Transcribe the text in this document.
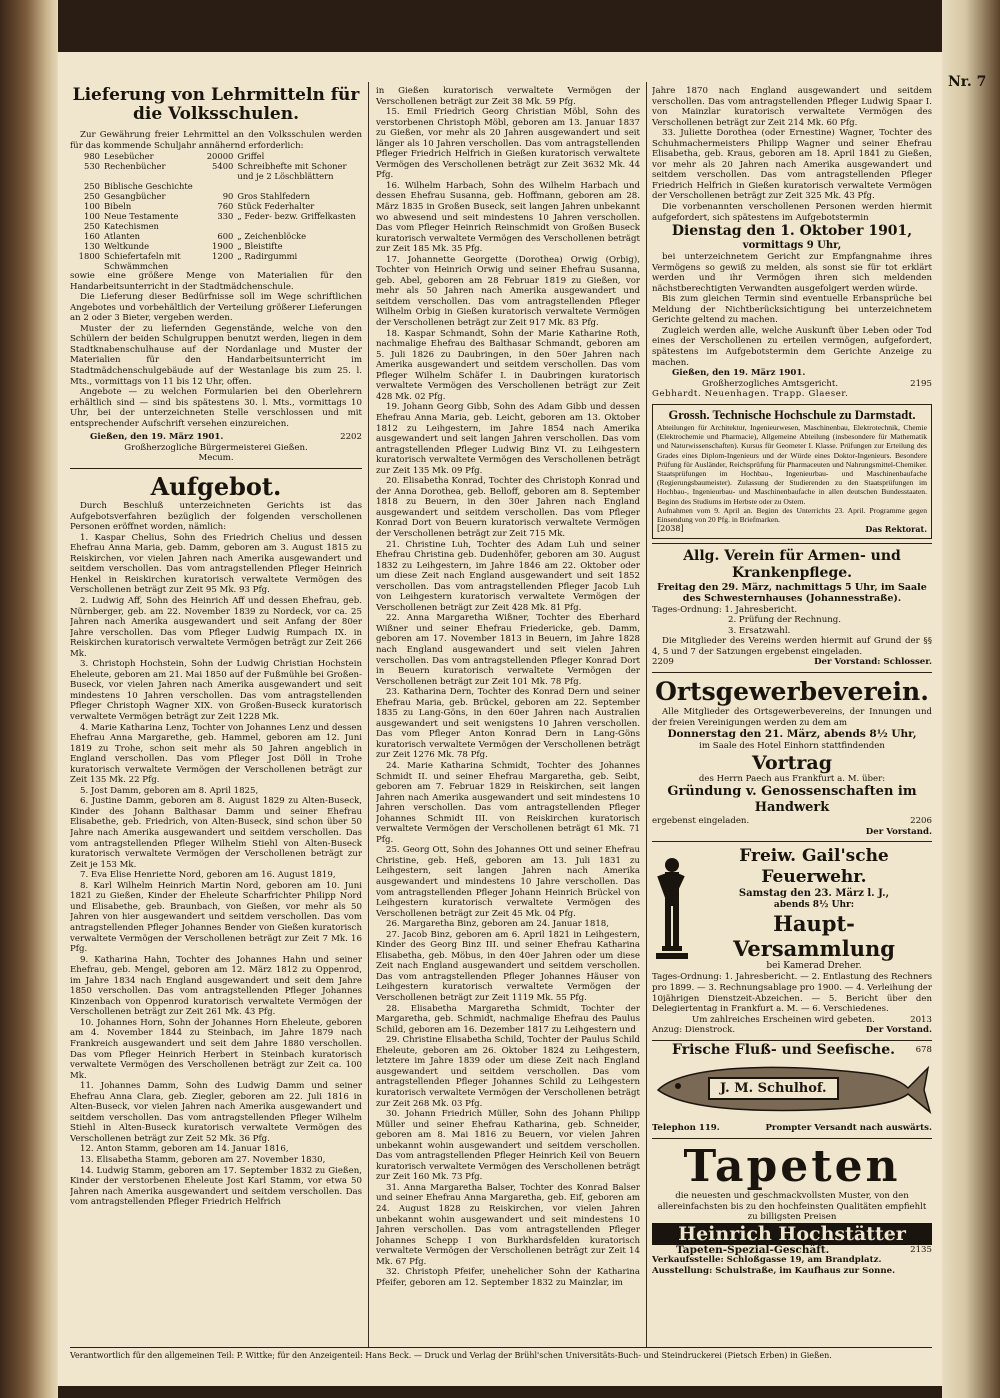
Lieferung von Lehrmitteln für die Volksschulen.

Zur Gewährung freier Lehrmittel an den Volksschulen werden für das kommende Schuljahr annähernd erforderlich:

980	Lesebücher	20000	Griffel
530	Rechenbücher	5400	Schreibhefte mit Schoner und je 2 Löschblättern
250	Biblische Geschichte		
250	Gesangbücher	90	Gros Stahlfedern
100	Bibeln	760	Stück Federhalter
100	Neue Testamente	330	„ Feder- bezw. Griffelkasten
250	Katechismen		
160	Atlanten	600	„ Zeichenblöcke
130	Weltkunde	1900	„ Bleistifte
1800	Schiefertafeln mit Schwämmchen	1200	„ Radirgummi

sowie eine größere Menge von Materialien für den Handarbeitsunterricht in der Stadtmädchenschule.

Die Lieferung dieser Bedürfnisse soll im Wege schriftlichen Angebotes und vorbehältlich der Verteilung größerer Lieferungen an 2 oder 3 Bieter, vergeben werden.

Muster der zu liefernden Gegenstände, welche von den Schülern der beiden Schulgruppen benutzt werden, liegen in dem Stadtknabenschulhause auf der Nordanlage und Muster der Materialien für den Handarbeitsunterricht im Stadtmädchenschulgebäude auf der Westanlage bis zum 25. l. Mts., vormittags von 11 bis 12 Uhr, offen.

Angebote — zu welchen Formularien bei den Oberlehrern erhältlich sind — sind bis spätestens 30. l. Mts., vormittags 10 Uhr, bei der unterzeichneten Stelle verschlossen und mit entsprechender Aufschrift versehen einzureichen.

Gießen, den 19. März 1901.	2202
Großherzogliche Bürgermeisterei Gießen.
Mecum.
Aufgebot.

Durch Beschluß unterzeichneten Gerichts ist das Aufgebotsverfahren bezüglich der folgenden verschollenen Personen eröffnet worden, nämlich:

1. Kaspar Chelius, Sohn des Friedrich Chelius und dessen Ehefrau Anna Maria, geb. Damm, geboren am 3. August 1815 zu Reiskirchen, vor vielen Jahren nach Amerika ausgewandert und seitdem verschollen. Das vom antragstellenden Pfleger Heinrich Henkel in Reiskirchen kuratorisch verwaltete Vermögen des Verschollenen beträgt zur Zeit 95 Mk. 93 Pfg.

2. Ludwig Aff, Sohn des Heinrich Aff und dessen Ehefrau, geb. Nürnberger, geb. am 22. November 1839 zu Nordeck, vor ca. 25 Jahren nach Amerika ausgewandert und seit Anfang der 80er Jahre verschollen. Das vom Pfleger Ludwig Rumpach IX. in Reiskirchen kuratorisch verwaltete Vermögen beträgt zur Zeit 266 Mk.

3. Christoph Hochstein, Sohn der Ludwig Christian Hochstein Eheleute, geboren am 21. Mai 1850 auf der Fußmühle bei Großen-Buseck, vor vielen Jahren nach Amerika ausgewandert und seit mindestens 10 Jahren verschollen. Das vom antragstellenden Pfleger Christoph Wagner XIX. von Großen-Buseck kuratorisch verwaltete Vermögen beträgt zur Zeit 1228 Mk.

4. Marie Katharina Lenz, Tochter von Johannes Lenz und dessen Ehefrau Anna Margarethe, geb. Hammel, geboren am 12. Juni 1819 zu Trohe, schon seit mehr als 50 Jahren angeblich in England verschollen. Das vom Pfleger Jost Döll in Trohe kuratorisch verwaltete Vermögen der Verschollenen beträgt zur Zeit 135 Mk. 22 Pfg.

5. Jost Damm, geboren am 8. April 1825,

6. Justine Damm, geboren am 8. August 1829 zu Alten-Buseck, Kinder des Johann Balthasar Damm und seiner Ehefrau Elisabethe, geb. Friedrich, von Alten-Buseck, sind schon über 50 Jahre nach Amerika ausgewandert und seitdem verschollen. Das vom antragstellenden Pfleger Wilhelm Stiehl von Alten-Buseck kuratorisch verwaltete Vermögen der Verschollenen beträgt zur Zeit je 153 Mk.

7. Eva Elise Henriette Nord, geboren am 16. August 1819,

8. Karl Wilhelm Heinrich Martin Nord, geboren am 10. Juni 1821 zu Gießen, Kinder der Eheleute Scharfrichter Philipp Nord und Elisabethe, geb. Braunbach, von Gießen, vor mehr als 50 Jahren von hier ausgewandert und seitdem verschollen. Das vom antragstellenden Pfleger Johannes Bender von Gießen kuratorisch verwaltete Vermögen der Verschollenen beträgt zur Zeit 7 Mk. 16 Pfg.

9. Katharina Hahn, Tochter des Johannes Hahn und seiner Ehefrau, geb. Mengel, geboren am 12. März 1812 zu Oppenrod, im Jahre 1834 nach England ausgewandert und seit dem Jahre 1850 verschollen. Das vom antragstellenden Pfleger Johannes Kinzenbach von Oppenrod kuratorisch verwaltete Vermögen der Verschollenen beträgt zur Zeit 261 Mk. 43 Pfg.

10. Johannes Horn, Sohn der Johannes Horn Eheleute, geboren am 4. November 1844 zu Steinbach, im Jahre 1879 nach Frankreich ausgewandert und seit dem Jahre 1880 verschollen. Das vom Pfleger Heinrich Herbert in Steinbach kuratorisch verwaltete Vermögen des Verschollenen beträgt zur Zeit ca. 100 Mk.

11. Johannes Damm, Sohn des Ludwig Damm und seiner Ehefrau Anna Clara, geb. Ziegler, geboren am 22. Juli 1816 in Alten-Buseck, vor vielen Jahren nach Amerika ausgewandert und seitdem verschollen. Das vom antragstellenden Pfleger Wilhelm Stiehl in Alten-Buseck kuratorisch verwaltete Vermögen des Verschollenen beträgt zur Zeit 52 Mk. 36 Pfg.

12. Anton Stamm, geboren am 14. Januar 1816,

13. Elisabetha Stamm, geboren am 27. November 1830,

14. Ludwig Stamm, geboren am 17. September 1832 zu Gießen, Kinder der verstorbenen Eheleute Jost Karl Stamm, vor etwa 50 Jahren nach Amerika ausgewandert und seitdem verschollen. Das vom antragstellenden Pfleger Friedrich Helfrich

in Gießen kuratorisch verwaltete Vermögen der Verschollenen beträgt zur Zeit 38 Mk. 59 Pfg.

15. Emil Friedrich Georg Christian Möbl, Sohn des verstorbenen Christoph Möbl, geboren am 13. Januar 1837 zu Gießen, vor mehr als 20 Jahren ausgewandert und seit länger als 10 Jahren verschollen. Das vom antragstellenden Pfleger Friedrich Helfrich in Gießen kuratorisch verwaltete Vermögen des Verschollenen beträgt zur Zeit 3632 Mk. 44 Pfg.

16. Wilhelm Harbach, Sohn des Wilhelm Harbach und dessen Ehefrau Susanna, geb. Hoffmann, geboren am 28. März 1835 in Großen Buseck, seit langen Jahren unbekannt wo abwesend und seit mindestens 10 Jahren verschollen. Das vom Pfleger Heinrich Reinschmidt von Großen Buseck kuratorisch verwaltete Vermögen des Verschollenen beträgt zur Zeit 185 Mk. 35 Pfg.

17. Johannette Georgette (Dorothea) Orwig (Orbig), Tochter von Heinrich Orwig und seiner Ehefrau Susanna, geb. Abel, geboren am 28 Februar 1819 zu Gießen, vor mehr als 50 Jahren nach Amerika ausgewandert und seitdem verschollen. Das vom antragstellenden Pfleger Wilhelm Orbig in Gießen kuratorisch verwaltete Vermögen der Verschollenen beträgt zur Zeit 917 Mk. 83 Pfg.

18. Kaspar Schmandt, Sohn der Marie Katharine Roth, nachmalige Ehefrau des Balthasar Schmandt, geboren am 5. Juli 1826 zu Daubringen, in den 50er Jahren nach Amerika ausgewandert und seitdem verschollen. Das vom Pfleger Wilhelm Schäfer I. in Daubringen kuratorisch verwaltete Vermögen des Verschollenen beträgt zur Zeit 428 Mk. 02 Pfg.

19. Johann Georg Gibb, Sohn des Adam Gibb und dessen Ehefrau Anna Maria, geb. Leicht, geboren am 13. Oktober 1812 zu Leihgestern, im Jahre 1854 nach Amerika ausgewandert und seit langen Jahren verschollen. Das vom antragstellenden Pfleger Ludwig Binz VI. zu Leihgestern kuratorisch verwaltete Vermögen des Verschollenen beträgt zur Zeit 135 Mk. 09 Pfg.

20. Elisabetha Konrad, Tochter des Christoph Konrad und der Anna Dorothea, geb. Belloff, geboren am 8. September 1818 zu Beuern, in den 30er Jahren nach England ausgewandert und seitdem verschollen. Das vom Pfleger Konrad Dort von Beuern kuratorisch verwaltete Vermögen der Verschollenen beträgt zur Zeit 715 Mk.

21. Christine Luh, Tochter des Adam Luh und seiner Ehefrau Christina geb. Dudenhöfer, geboren am 30. August 1832 zu Leihgestern, im Jahre 1846 am 22. Oktober oder um diese Zeit nach England ausgewandert und seit 1852 verschollen. Das vom antragstellenden Pfleger Jacob Luh von Leihgestern kuratorisch verwaltete Vermögen der Verschollenen beträgt zur Zeit 428 Mk. 81 Pfg.

22. Anna Margaretha Wißner, Tochter des Eberhard Wißner und seiner Ehefrau Friedericke, geb. Damm, geboren am 17. November 1813 in Beuern, im Jahre 1828 nach England ausgewandert und seit vielen Jahren verschollen. Das vom antragstellenden Pfleger Konrad Dort in Beuern kuratorisch verwaltete Vermögen der Verschollenen beträgt zur Zeit 101 Mk. 78 Pfg.

23. Katharina Dern, Tochter des Konrad Dern und seiner Ehefrau Maria, geb. Brückel, geboren am 22. September 1835 zu Lang-Göns, in den 60er Jahren nach Australien ausgewandert und seit wenigstens 10 Jahren verschollen. Das vom Pfleger Anton Konrad Dern in Lang-Göns kuratorisch verwaltete Vermögen der Verschollenen beträgt zur Zeit 1276 Mk. 78 Pfg.

24. Marie Katharina Schmidt, Tochter des Johannes Schmidt II. und seiner Ehefrau Margaretha, geb. Seibt, geboren am 7. Februar 1829 in Reiskirchen, seit langen Jahren nach Amerika ausgewandert und seit mindestens 10 Jahren verschollen. Das vom antragstellenden Pfleger Johannes Schmidt III. von Reiskirchen kuratorisch verwaltete Vermögen der Verschollenen beträgt 61 Mk. 71 Pfg.

25. Georg Ott, Sohn des Johannes Ott und seiner Ehefrau Christine, geb. Heß, geboren am 13. Juli 1831 zu Leihgestern, seit langen Jahren nach Amerika ausgewandert und mindestens 10 Jahre verschollen. Das vom antragstellenden Pfleger Johann Heinrich Brückel von Leihgestern kuratorisch verwaltete Vermögen des Verschollenen beträgt zur Zeit 45 Mk. 04 Pfg.

26. Margaretha Binz, geboren am 24. Januar 1818,

27. Jacob Binz, geboren am 6. April 1821 in Leihgestern, Kinder des Georg Binz III. und seiner Ehefrau Katharina Elisabetha, geb. Möbus, in den 40er Jahren oder um diese Zeit nach England ausgewandert und seitdem verschollen. Das vom antragstellenden Pfleger Johannes Häuser von Leihgestern kuratorisch verwaltete Vermögen der Verschollenen beträgt zur Zeit 1119 Mk. 55 Pfg.

28. Elisabetha Margaretha Schmidt, Tochter der Margaretha, geb. Schmidt, nachmalige Ehefrau des Paulus Schild, geboren am 16. Dezember 1817 zu Leihgestern und

29. Christine Elisabetha Schild, Tochter der Paulus Schild Eheleute, geboren am 26. Oktober 1824 zu Leihgestern, letztere im Jahre 1839 oder um diese Zeit nach England ausgewandert und seitdem verschollen. Das vom antragstellenden Pfleger Johannes Schild zu Leihgestern kuratorisch verwaltete Vermögen der Verschollenen beträgt zur Zeit 268 Mk. 03 Pfg.

30. Johann Friedrich Müller, Sohn des Johann Philipp Müller und seiner Ehefrau Katharina, geb. Schneider, geboren am 8. Mai 1816 zu Beuern, vor vielen Jahren unbekannt wohin ausgewandert und seitdem verschollen. Das vom antragstellenden Pfleger Heinrich Keil von Beuern kuratorisch verwaltete Vermögen des Verschollenen beträgt zur Zeit 160 Mk. 73 Pfg.

31. Anna Margaretha Balser, Tochter des Konrad Balser und seiner Ehefrau Anna Margaretha, geb. Eif, geboren am 24. August 1828 zu Reiskirchen, vor vielen Jahren unbekannt wohin ausgewandert und seit mindestens 10 Jahren verschollen. Das vom antragstellenden Pfleger Johannes Schepp I von Burkhardsfelden kuratorisch verwaltete Vermögen der Verschollenen beträgt zur Zeit 14 Mk. 67 Pfg.

32. Christoph Pfeifer, unehelicher Sohn der Katharina Pfeifer, geboren am 12. September 1832 zu Mainzlar, im

Jahre 1870 nach England ausgewandert und seitdem verschollen. Das vom antragstellenden Pfleger Ludwig Spaar I. von Mainzlar kuratorisch verwaltete Vermögen des Verschollenen beträgt zur Zeit 214 Mk. 60 Pfg.

33. Juliette Dorothea (oder Ernestine) Wagner, Tochter des Schuhmachermeisters Philipp Wagner und seiner Ehefrau Elisabetha, geb. Kraus, geboren am 18. April 1841 zu Gießen, vor mehr als 20 Jahren nach Amerika ausgewandert und seitdem verschollen. Das vom antragstellenden Pfleger Friedrich Helfrich in Gießen kuratorisch verwaltete Vermögen der Verschollenen beträgt zur Zeit 325 Mk. 43 Pfg.

Die vorbenannten verschollenen Personen werden hiermit aufgefordert, sich spätestens im Aufgebotstermin

Dienstag den 1. Oktober 1901,
vormittags 9 Uhr,

bei unterzeichnetem Gericht zur Empfangnahme ihres Vermögens so gewiß zu melden, als sonst sie für tot erklärt werden und ihr Vermögen ihren sich meldenden nächstberechtigten Verwandten ausgefolgert werden würde.

Bis zum gleichen Termin sind eventuelle Erbansprüche bei Meldung der Nichtberücksichtigung bei unterzeichnetem Gerichte geltend zu machen.

Zugleich werden alle, welche Auskunft über Leben oder Tod eines der Verschollenen zu erteilen vermögen, aufgefordert, spätestens im Aufgebotstermin dem Gerichte Anzeige zu machen.

Gießen, den 19. März 1901.
Großherzogliches Amtsgericht.	2195
Gebhardt. Neuenhagen. Trapp. Glaeser.
Grossh. Technische Hochschule zu Darmstadt.

Abteilungen für Architektur, Ingenieurwesen, Maschinenbau, Elektrotechnik, Chemie (Elektrochemie und Pharmacie), Allgemeine Abteilung (insbesondere für Mathematik und Naturwissenschaften). Kursus für Geometer I. Klasse. Prüfungen zur Erteilung des Grades eines Diplom-Ingenieurs und der Würde eines Doktor-Ingenieurs. Besondere Prüfung für Ausländer, Reichsprüfung für Pharmaceuten und Nahrungsmittel-Chemiker. Staatsprüfungen im Hochbau-, Ingenieurbau- und Maschinenbaufache (Regierungsbaumeister). Zulassung der Studierenden zu den Staatsprüfungen im Hochbau-, Ingenieurbau- und Maschinenbaufache in allen deutschen Bundesstaaten. Beginn des Studiums im Herbste oder zu Ostern.

Aufnahmen vom 9. April an. Beginn des Unterrichts 23. April. Programme gegen Einsendung von 20 Pfg. in Briefmarken.

[2038]	Das Rektorat.
Allg. Verein für Armen- und Krankenpflege.
Freitag den 29. März, nachmittags 5 Uhr, im Saale des Schwesternhauses (Johannesstraße).

Tages-Ordnung: 1. Jahresbericht.

2. Prüfung der Rechnung.

3. Ersatzwahl.

Die Mitglieder des Vereins werden hiermit auf Grund der §§ 4, 5 und 7 der Satzungen ergebenst eingeladen.

2209	Der Vorstand: Schlosser.
Ortsgewerbeverein.

Alle Mitglieder des Ortsgewerbevereins, der Innungen und der freien Vereinigungen werden zu dem am

Donnerstag den 21. März, abends 8½ Uhr,

im Saale des Hotel Einhorn stattfindenden

Vortrag

des Herrn Paech aus Frankfurt a. M. über:

Gründung v. Genossenschaften im Handwerk
ergebenst eingeladen.	2206
Der Vorstand.
Freiw. Gail'sche Feuerwehr.
Samstag den 23. März l. J.,
abends 8½ Uhr:
Haupt-Versammlung
bei Kamerad Dreher.

Tages-Ordnung: 1. Jahresbericht. — 2. Entlastung des Rechners pro 1899. — 3. Rechnungsablage pro 1900. — 4. Verleihung der 10jährigen Dienstzeit-Abzeichen. — 5. Bericht über den Delegiertentag in Frankfurt a. M. — 6. Verschiedenes.

Um zahlreiches Erscheinen wird gebeten.	2013
Anzug: Dienstrock.	Der Vorstand.
Frische Fluß- und Seefische. 678
J. M. Schulhof.
Telephon 119.	Prompter Versandt nach auswärts.
Tapeten

die neuesten und geschmackvollsten Muster, von den allereinfachsten bis zu den hochfeinsten Qualitäten empfiehlt zu billigsten Preisen

Heinrich Hochstätter
Tapeten-Spezial-Geschäft.	2135
Verkaufsstelle: Schloßgasse 19, am Brandplatz.
Ausstellung: Schulstraße, im Kaufhaus zur Sonne.
Verantwortlich für den allgemeinen Teil: P. Wittke; für den Anzeigenteil: Hans Beck. — Druck und Verlag der Brühl'schen Universitäts-Buch- und Steindruckerei (Pietsch Erben) in Gießen.
Nr. 7
